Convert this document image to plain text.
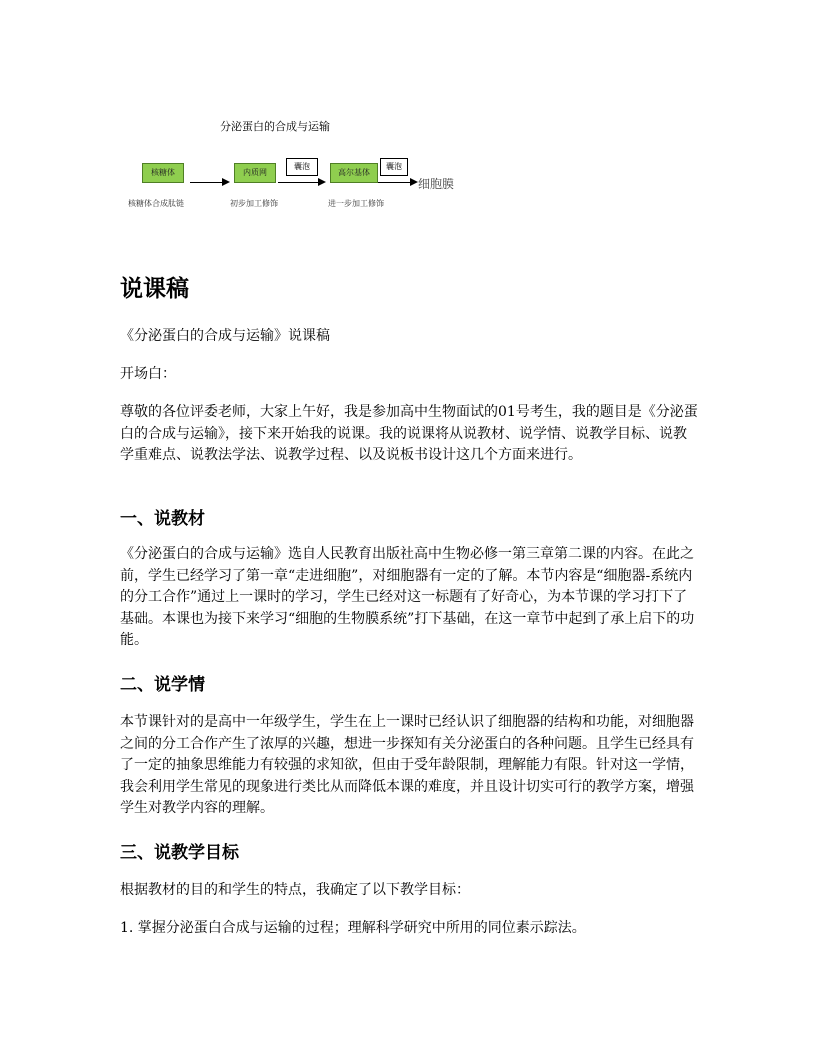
分泌蛋白的合成与运输
核糖体	内质网
囊泡
高尔基体
囊泡
细胞膜
核糖体合成肽链	初步加工修饰	进一步加工修饰
说课稿

《分泌蛋白的合成与运输》说课稿

开场白：

尊敬的各位评委老师，大家上午好，我是参加高中生物面试的01号考生，我的题目是《分泌蛋白的合成与运输》，接下来开始我的说课。我的说课将从说教材、说学情、说教学目标、说教学重难点、说教法学法、说教学过程、以及说板书设计这几个方面来进行。

一、说教材

《分泌蛋白的合成与运输》选自人民教育出版社高中生物必修一第三章第二课的内容。在此之前，学生已经学习了第一章“走进细胞”，对细胞器有一定的了解。本节内容是“细胞器-系统内的分工合作”通过上一课时的学习，学生已经对这一标题有了好奇心，为本节课的学习打下了基础。本课也为接下来学习“细胞的生物膜系统”打下基础，在这一章节中起到了承上启下的功能。

二、说学情

本节课针对的是高中一年级学生，学生在上一课时已经认识了细胞器的结构和功能，对细胞器之间的分工合作产生了浓厚的兴趣，想进一步探知有关分泌蛋白的各种问题。且学生已经具有了一定的抽象思维能力有较强的求知欲，但由于受年龄限制，理解能力有限。针对这一学情，我会利用学生常见的现象进行类比从而降低本课的难度，并且设计切实可行的教学方案，增强学生对教学内容的理解。

三、说教学目标

根据教材的目的和学生的特点，我确定了以下教学目标：

1. 掌握分泌蛋白合成与运输的过程；理解科学研究中所用的同位素示踪法。
